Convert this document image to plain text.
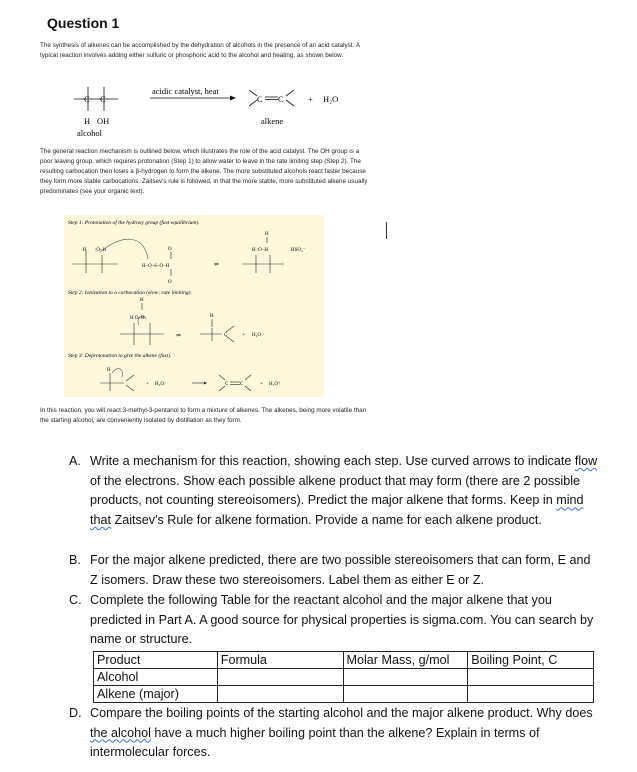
Question 1
The synthesis of alkenes can be accomplished by the dehydration of alcohols in the presence of an acid catalyst. A typical reaction involves adding either sulfuric or phosphoric acid to the alcohol and heating, as shown below.
C C
H OH
alcohol
acidic catalyst, heat
C C	+ H₂O
alkene
The general reaction mechanism is outlined below, which illustrates the role of the acid catalyst. The OH group is a poor leaving group, which requires protonation (Step 1) to allow water to leave in the rate limiting step (Step 2). The resulting carbocation then loses a β-hydrogen to form the alkene. The more substituted alcohols react faster because they form more stable carbocations. Zaitsev's rule is followed, in that the more stable, more substituted alkene usually predominates (see your organic text).
Step 1: Protonation of the hydroxy group (fast equilibrium).
H :Ö–H	O
H–O–S–O–H
O
⇌
H
H :O–H	HSO₄⁻
Step 2: Ionization to a carbocation (slow; rate limiting).
H
H O–H
⇌
H
C	+ H₂O
Step 3: Deprotonation to give the alkene (fast).
H
+ H₂O:	C C	+ H₃O⁺
In this reaction, you will react 3-methyl-3-pentanol to form a mixture of alkenes. The alkenes, being more volatile than the starting alcohol, are conveniently isolated by distillation as they form.
A. Write a mechanism for this reaction, showing each step. Use curved arrows to indicate flow of the electrons. Show each possible alkene product that may form (there are 2 possible products, not counting stereoisomers). Predict the major alkene that forms. Keep in mind that Zaitsev's Rule for alkene formation. Provide a name for each alkene product.
B. For the major alkene predicted, there are two possible stereoisomers that can form, E and Z isomers. Draw these two stereoisomers. Label them as either E or Z.
C. Complete the following Table for the reactant alcohol and the major alkene that you predicted in Part A. A good source for physical properties is sigma.com. You can search by name or structure.
Product	Formula	Molar Mass, g/mol	Boiling Point, C
Alcohol			
Alkene (major)			
D. Compare the boiling points of the starting alcohol and the major alkene product. Why does the alcohol have a much higher boiling point than the alkene? Explain in terms of intermolecular forces.
